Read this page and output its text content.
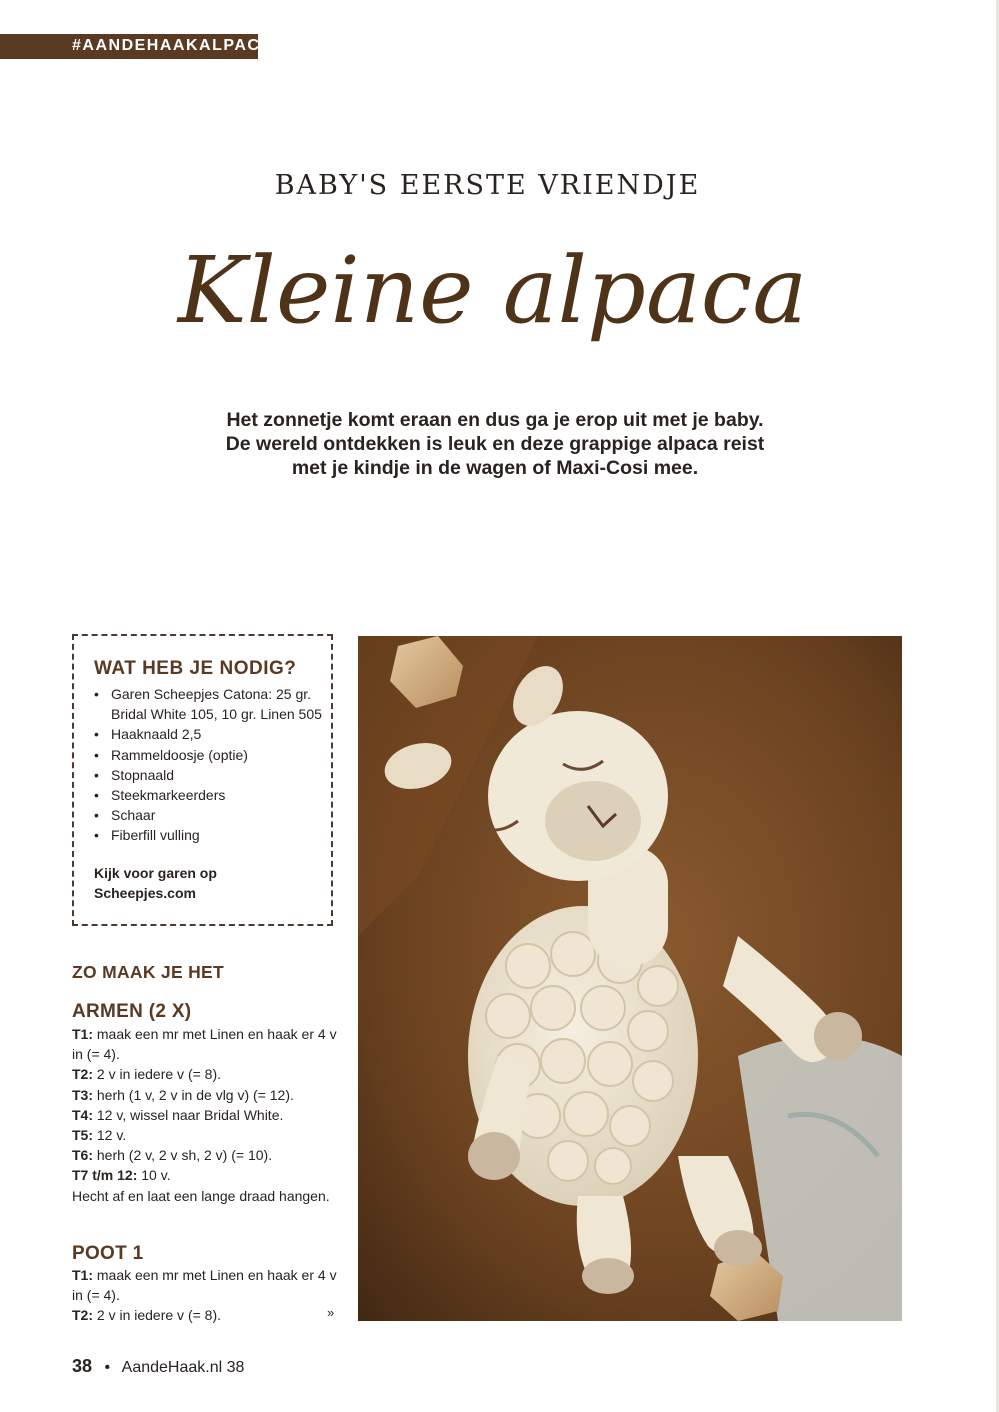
#AANDEHAAKALPACA
BABY'S EERSTE VRIENDJE
Kleine alpaca
Het zonnetje komt eraan en dus ga je erop uit met je baby. De wereld ontdekken is leuk en deze grappige alpaca reist met je kindje in de wagen of Maxi-Cosi mee.
WAT HEB JE NODIG?
• Garen Scheepjes Catona: 25 gr. Bridal White 105, 10 gr. Linen 505
• Haaknaald 2,5
• Rammeldoosje (optie)
• Stopnaald
• Steekmarkeerders
• Schaar
• Fiberfill vulling
Kijk voor garen op Scheepjes.com
ZO MAAK JE HET
ARMEN (2 X)
T1: maak een mr met Linen en haak er 4 v in (= 4).
T2: 2 v in iedere v (= 8).
T3: herh (1 v, 2 v in de vlg v) (= 12).
T4: 12 v, wissel naar Bridal White.
T5: 12 v.
T6: herh (2 v, 2 v sh, 2 v) (= 10).
T7 t/m 12: 10 v.
Hecht af en laat een lange draad hangen.
POOT 1
T1: maak een mr met Linen en haak er 4 v in (= 4).
T2: 2 v in iedere v (= 8).	»
38 • AandeHaak.nl 38
